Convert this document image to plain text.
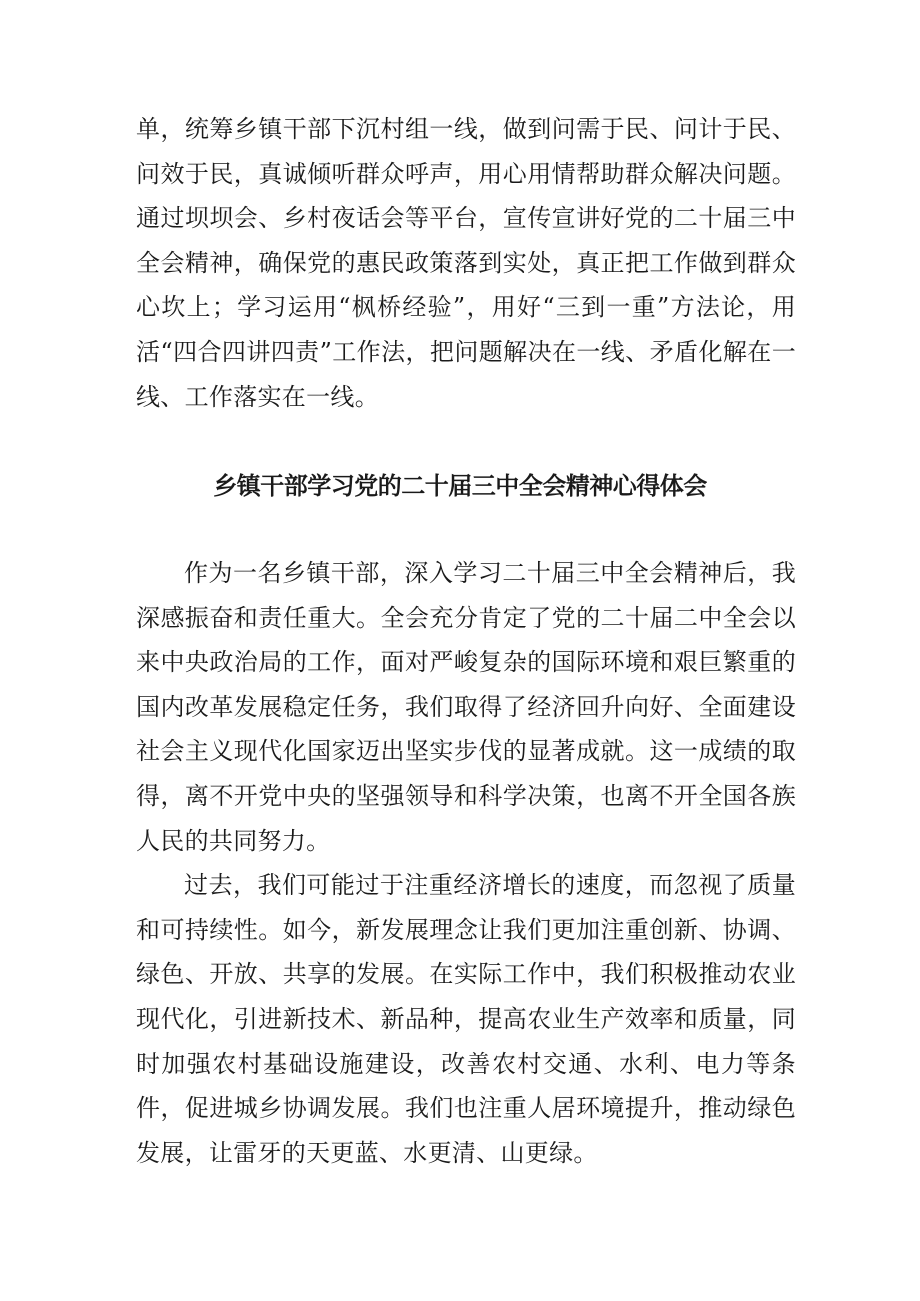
单，统筹乡镇干部下沉村组一线，做到问需于民、问计于民、问效于民，真诚倾听群众呼声，用心用情帮助群众解决问题。通过坝坝会、乡村夜话会等平台，宣传宣讲好党的二十届三中全会精神，确保党的惠民政策落到实处，真正把工作做到群众心坎上；学习运用“枫桥经验”，用好“三到一重”方法论，用活“四合四讲四责”工作法，把问题解决在一线、矛盾化解在一线、工作落实在一线。

乡镇干部学习党的二十届三中全会精神心得体会

作为一名乡镇干部，深入学习二十届三中全会精神后，我深感振奋和责任重大。全会充分肯定了党的二十届二中全会以来中央政治局的工作，面对严峻复杂的国际环境和艰巨繁重的国内改革发展稳定任务，我们取得了经济回升向好、全面建设社会主义现代化国家迈出坚实步伐的显著成就。这一成绩的取得，离不开党中央的坚强领导和科学决策，也离不开全国各族人民的共同努力。

过去，我们可能过于注重经济增长的速度，而忽视了质量和可持续性。如今，新发展理念让我们更加注重创新、协调、绿色、开放、共享的发展。在实际工作中，我们积极推动农业现代化，引进新技术、新品种，提高农业生产效率和质量，同时加强农村基础设施建设，改善农村交通、水利、电力等条件，促进城乡协调发展。我们也注重人居环境提升，推动绿色发展，让雷牙的天更蓝、水更清、山更绿。
